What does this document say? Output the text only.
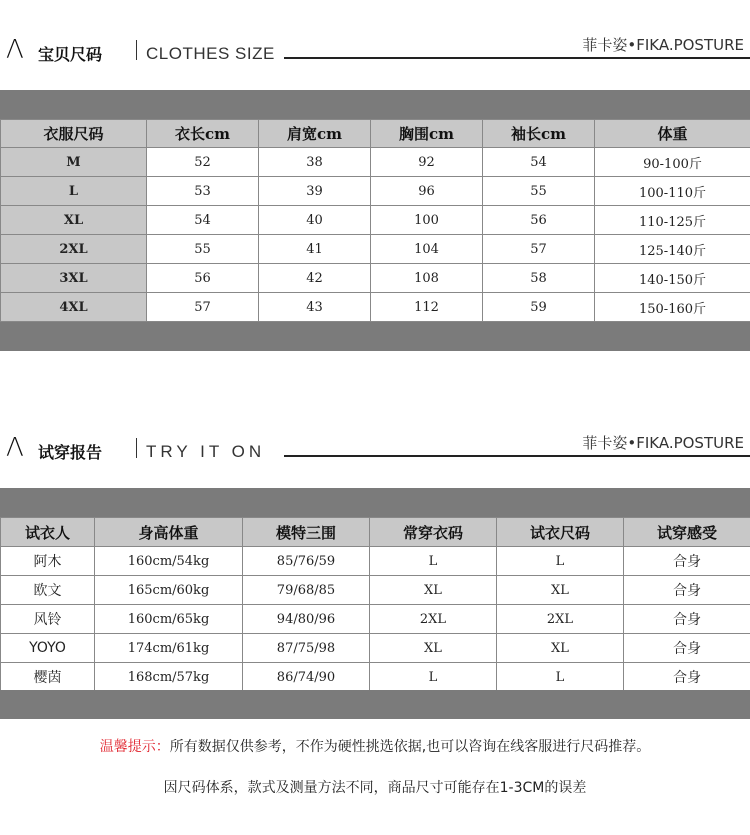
Λ 宝贝尺码	CLOTHES SIZE	菲卡姿•FIKA.POSTURE
衣服尺码	衣长cm	肩宽cm	胸围cm	袖长cm	体重
M	52	38	92	54	90-100斤
L	53	39	96	55	100-110斤
XL	54	40	100	56	110-125斤
2XL	55	41	104	57	125-140斤
3XL	56	42	108	58	140-150斤
4XL	57	43	112	59	150-160斤
Λ 试穿报告	TRY IT ON	菲卡姿•FIKA.POSTURE
试衣人	身高体重	模特三围	常穿衣码	试衣尺码	试穿感受
阿木	160cm/54kg	85/76/59	L	L	合身
欧文	165cm/60kg	79/68/85	XL	XL	合身
风铃	160cm/65kg	94/80/96	2XL	2XL	合身
YOYO	174cm/61kg	87/75/98	XL	XL	合身
樱茵	168cm/57kg	86/74/90	L	L	合身
温馨提示：所有数据仅供参考，不作为硬性挑选依据,也可以咨询在线客服进行尺码推荐。
因尺码体系，款式及测量方法不同，商品尺寸可能存在1-3CM的误差
